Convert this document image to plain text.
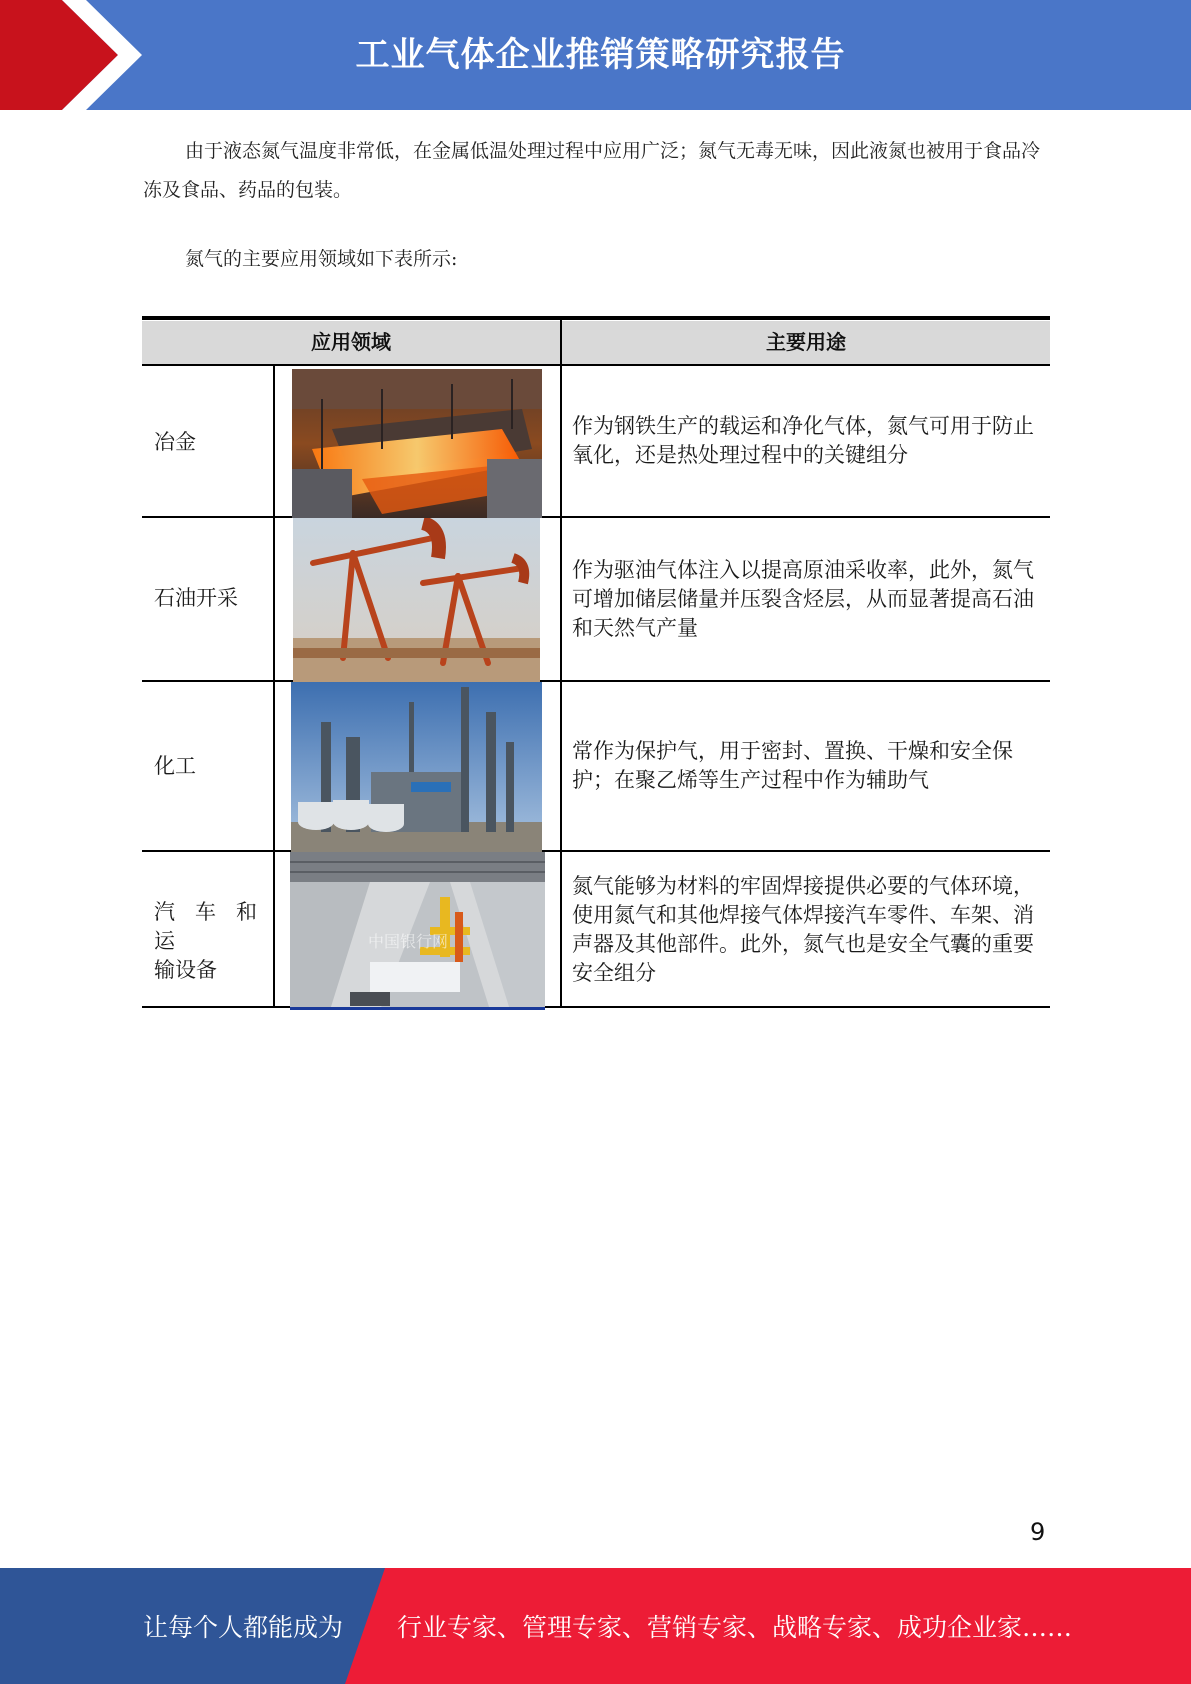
工业气体企业推销策略研究报告

由于液态氮气温度非常低，在金属低温处理过程中应用广泛；氮气无毒无味，因此液氮也被用于食品冷冻及食品、药品的包装。

氮气的主要应用领域如下表所示:

应用领域	主要用途
冶金
作为钢铁生产的载运和净化气体，氮气可用于防止氧化，还是热处理过程中的关键组分
石油开采
作为驱油气体注入以提高原油采收率，此外，氮气可增加储层储量并压裂含烃层，从而显著提高石油和天然气产量
化工
常作为保护气，用于密封、置换、干燥和安全保护；在聚乙烯等生产过程中作为辅助气
汽车和运
输设备
中国银行网
氮气能够为材料的牢固焊接提供必要的气体环境，使用氮气和其他焊接气体焊接汽车零件、车架、消声器及其他部件。此外，氮气也是安全气囊的重要安全组分
9
让每个人都能成为 行业专家、管理专家、营销专家、战略专家、成功企业家……
